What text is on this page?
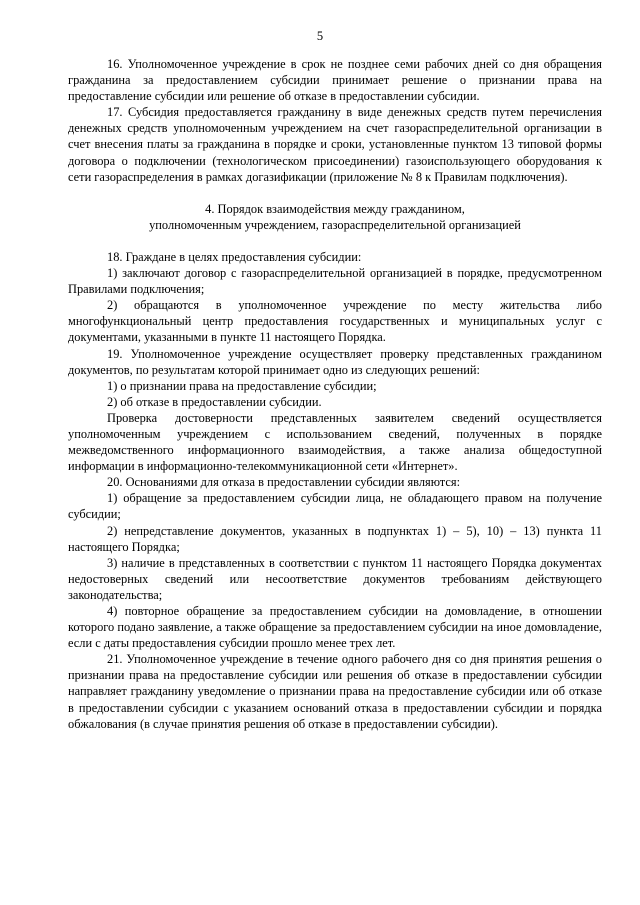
5

16. Уполномоченное учреждение в срок не позднее семи рабочих дней со дня обращения гражданина за предоставлением субсидии принимает решение о признании права на предоставление субсидии или решение об отказе в предоставлении субсидии.

17. Субсидия предоставляется гражданину в виде денежных средств путем перечисления денежных средств уполномоченным учреждением на счет газораспределительной организации в счет внесения платы за гражданина в порядке и сроки, установленные пунктом 13 типовой формы договора о подключении (технологическом присоединении) газоиспользующего оборудования к сети газораспределения в рамках догазификации (приложение № 8 к Правилам подключения).

4. Порядок взаимодействия между гражданином,

уполномоченным учреждением, газораспределительной организацией

18. Граждане в целях предоставления субсидии:

1) заключают договор с газораспределительной организацией в порядке, предусмотренном Правилами подключения;

2) обращаются в уполномоченное учреждение по месту жительства либо многофункциональный центр предоставления государственных и муниципальных услуг с документами, указанными в пункте 11 настоящего Порядка.

19. Уполномоченное учреждение осуществляет проверку представленных гражданином документов, по результатам которой принимает одно из следующих решений:

1) о признании права на предоставление субсидии;

2) об отказе в предоставлении субсидии.

Проверка достоверности представленных заявителем сведений осуществляется уполномоченным учреждением с использованием сведений, полученных в порядке межведомственного информационного взаимодействия, а также анализа общедоступной информации в информационно-телекоммуникационной сети «Интернет».

20. Основаниями для отказа в предоставлении субсидии являются:

1) обращение за предоставлением субсидии лица, не обладающего правом на получение субсидии;

2) непредставление документов, указанных в подпунктах 1) – 5), 10) – 13) пункта 11 настоящего Порядка;

3) наличие в представленных в соответствии с пунктом 11 настоящего Порядка документах недостоверных сведений или несоответствие документов требованиям действующего законодательства;

4) повторное обращение за предоставлением субсидии на домовладение, в отношении которого подано заявление, а также обращение за предоставлением субсидии на иное домовладение, если с даты предоставления субсидии прошло менее трех лет.

21. Уполномоченное учреждение в течение одного рабочего дня со дня принятия решения о признании права на предоставление субсидии или решения об отказе в предоставлении субсидии направляет гражданину уведомление о признании права на предоставление субсидии или об отказе в предоставлении субсидии с указанием оснований отказа в предоставлении субсидии и порядка обжалования (в случае принятия решения об отказе в предоставлении субсидии).
